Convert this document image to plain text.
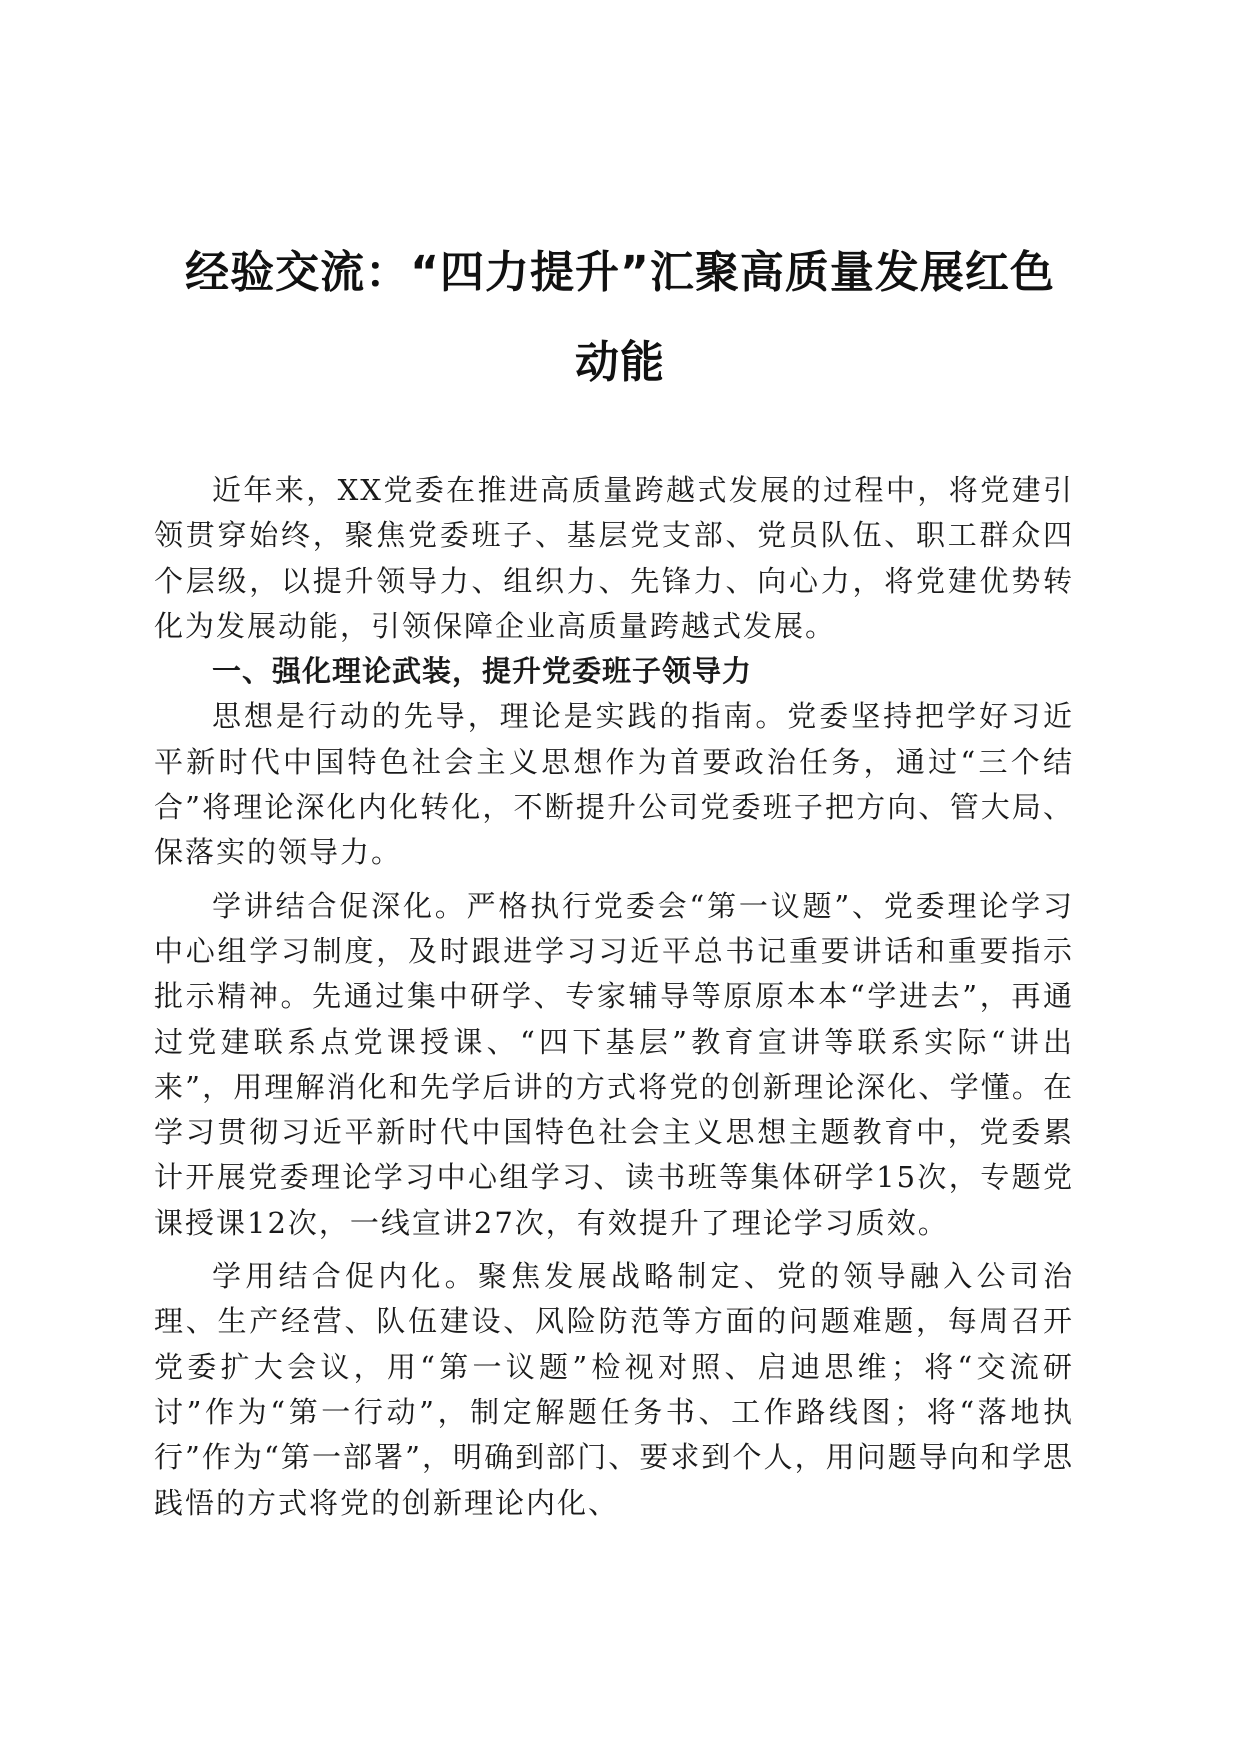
经验交流：“四力提升”汇聚高质量发展红色
动能

近年来，XX党委在推进高质量跨越式发展的过程中，将党建引领贯穿始终，聚焦党委班子、基层党支部、党员队伍、职工群众四个层级，以提升领导力、组织力、先锋力、向心力，将党建优势转化为发展动能，引领保障企业高质量跨越式发展。

一、强化理论武装，提升党委班子领导力

思想是行动的先导，理论是实践的指南。党委坚持把学好习近平新时代中国特色社会主义思想作为首要政治任务，通过“三个结合”将理论深化内化转化，不断提升公司党委班子把方向、管大局、保落实的领导力。

学讲结合促深化。严格执行党委会“第一议题”、党委理论学习中心组学习制度，及时跟进学习习近平总书记重要讲话和重要指示批示精神。先通过集中研学、专家辅导等原原本本“学进去”，再通过党建联系点党课授课、“四下基层”教育宣讲等联系实际“讲出来”，用理解消化和先学后讲的方式将党的创新理论深化、学懂。在学习贯彻习近平新时代中国特色社会主义思想主题教育中，党委累计开展党委理论学习中心组学习、读书班等集体研学15次，专题党课授课12次，一线宣讲27次，有效提升了理论学习质效。

学用结合促内化。聚焦发展战略制定、党的领导融入公司治理、生产经营、队伍建设、风险防范等方面的问题难题，每周召开党委扩大会议，用“第一议题”检视对照、启迪思维；将“交流研讨”作为“第一行动”，制定解题任务书、工作路线图；将“落地执行”作为“第一部署”，明确到部门、要求到个人，用问题导向和学思践悟的方式将党的创新理论内化、
